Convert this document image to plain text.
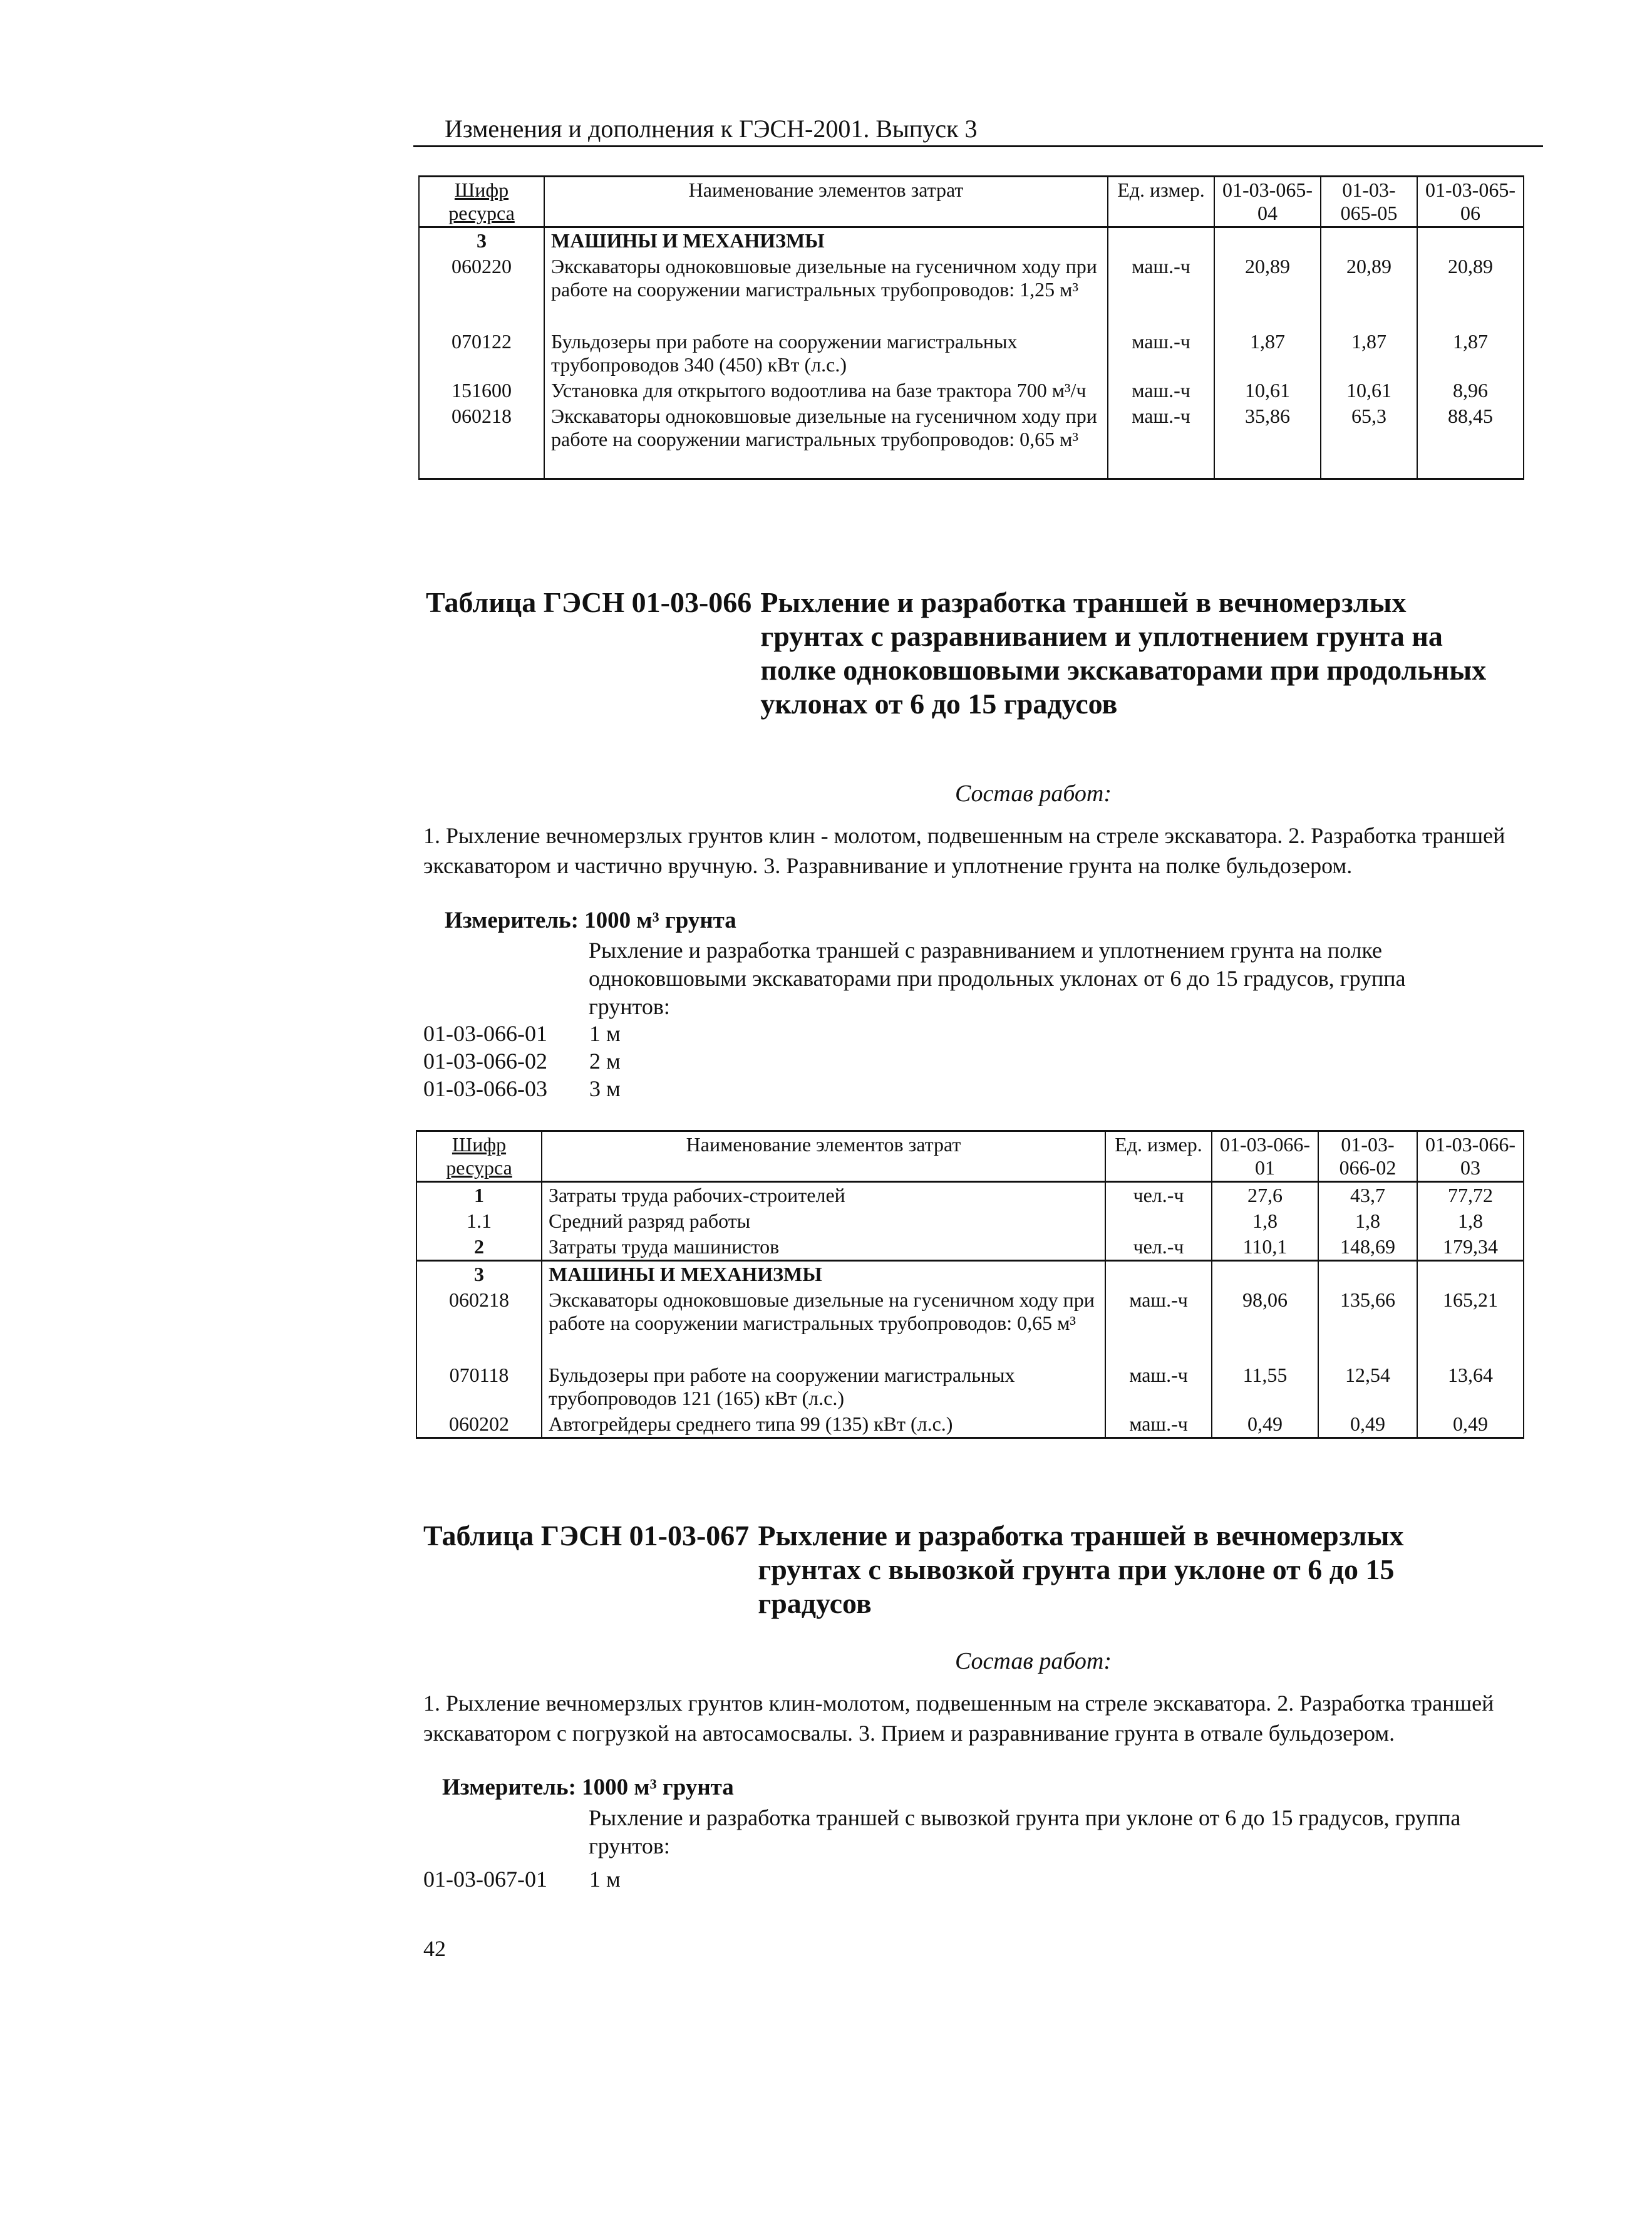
Изменения и дополнения к ГЭСН-2001. Выпуск 3
Шифр ресурса	Наименование элементов затрат	Ед. измер.	01-03-065-04	01-03-065-05	01-03-065-06
3	МАШИНЫ И МЕХАНИЗМЫ				
060220	Экскаваторы одноковшовые дизельные на гусеничном ходу при работе на сооружении магистральных трубопроводов: 1,25 м³	маш.-ч	20,89	20,89	20,89
070122	Бульдозеры при работе на сооружении магистральных трубопроводов 340 (450) кВт (л.с.)	маш.-ч	1,87	1,87	1,87
151600	Установка для открытого водоотлива на базе трактора 700 м³/ч	маш.-ч	10,61	10,61	8,96
060218	Экскаваторы одноковшовые дизельные на гусеничном ходу при работе на сооружении магистральных трубопроводов: 0,65 м³	маш.-ч	35,86	65,3	88,45
Таблица ГЭСН 01-03-066 Рыхление и разработка траншей в вечномерзлых грунтах с разравниванием и уплотнением грунта на полке одноковшовыми экскаваторами при продольных уклонах от 6 до 15 градусов
Состав работ:
1. Рыхление вечномерзлых грунтов клин - молотом, подвешенным на стреле экскаватора. 2. Разработка траншей экскаватором и частично вручную. 3. Разравнивание и уплотнение грунта на полке бульдозером.
Измеритель: 1000 м³ грунта
Рыхление и разработка траншей с разравниванием и уплотнением грунта на полке одноковшовыми экскаваторами при продольных уклонах от 6 до 15 градусов, группа грунтов:
01-03-066-01	1 м
01-03-066-02	2 м
01-03-066-03	3 м
Шифр ресурса	Наименование элементов затрат	Ед. измер.	01-03-066-01	01-03-066-02	01-03-066-03
1	Затраты труда рабочих-строителей	чел.-ч	27,6	43,7	77,72
1.1	Средний разряд работы		1,8	1,8	1,8
2	Затраты труда машинистов	чел.-ч	110,1	148,69	179,34
3	МАШИНЫ И МЕХАНИЗМЫ				
060218	Экскаваторы одноковшовые дизельные на гусеничном ходу при работе на сооружении магистральных трубопроводов: 0,65 м³	маш.-ч	98,06	135,66	165,21
070118	Бульдозеры при работе на сооружении магистральных трубопроводов 121 (165) кВт (л.с.)	маш.-ч	11,55	12,54	13,64
060202	Автогрейдеры среднего типа 99 (135) кВт (л.с.)	маш.-ч	0,49	0,49	0,49
Таблица ГЭСН 01-03-067 Рыхление и разработка траншей в вечномерзлых грунтах с вывозкой грунта при уклоне от 6 до 15 градусов
Состав работ:
1. Рыхление вечномерзлых грунтов клин-молотом, подвешенным на стреле экскаватора. 2. Разработка траншей экскаватором с погрузкой на автосамосвалы. 3. Прием и разравнивание грунта в отвале бульдозером.
Измеритель: 1000 м³ грунта
Рыхление и разработка траншей с вывозкой грунта при уклоне от 6 до 15 градусов, группа грунтов:
01-03-067-01	1 м
42
